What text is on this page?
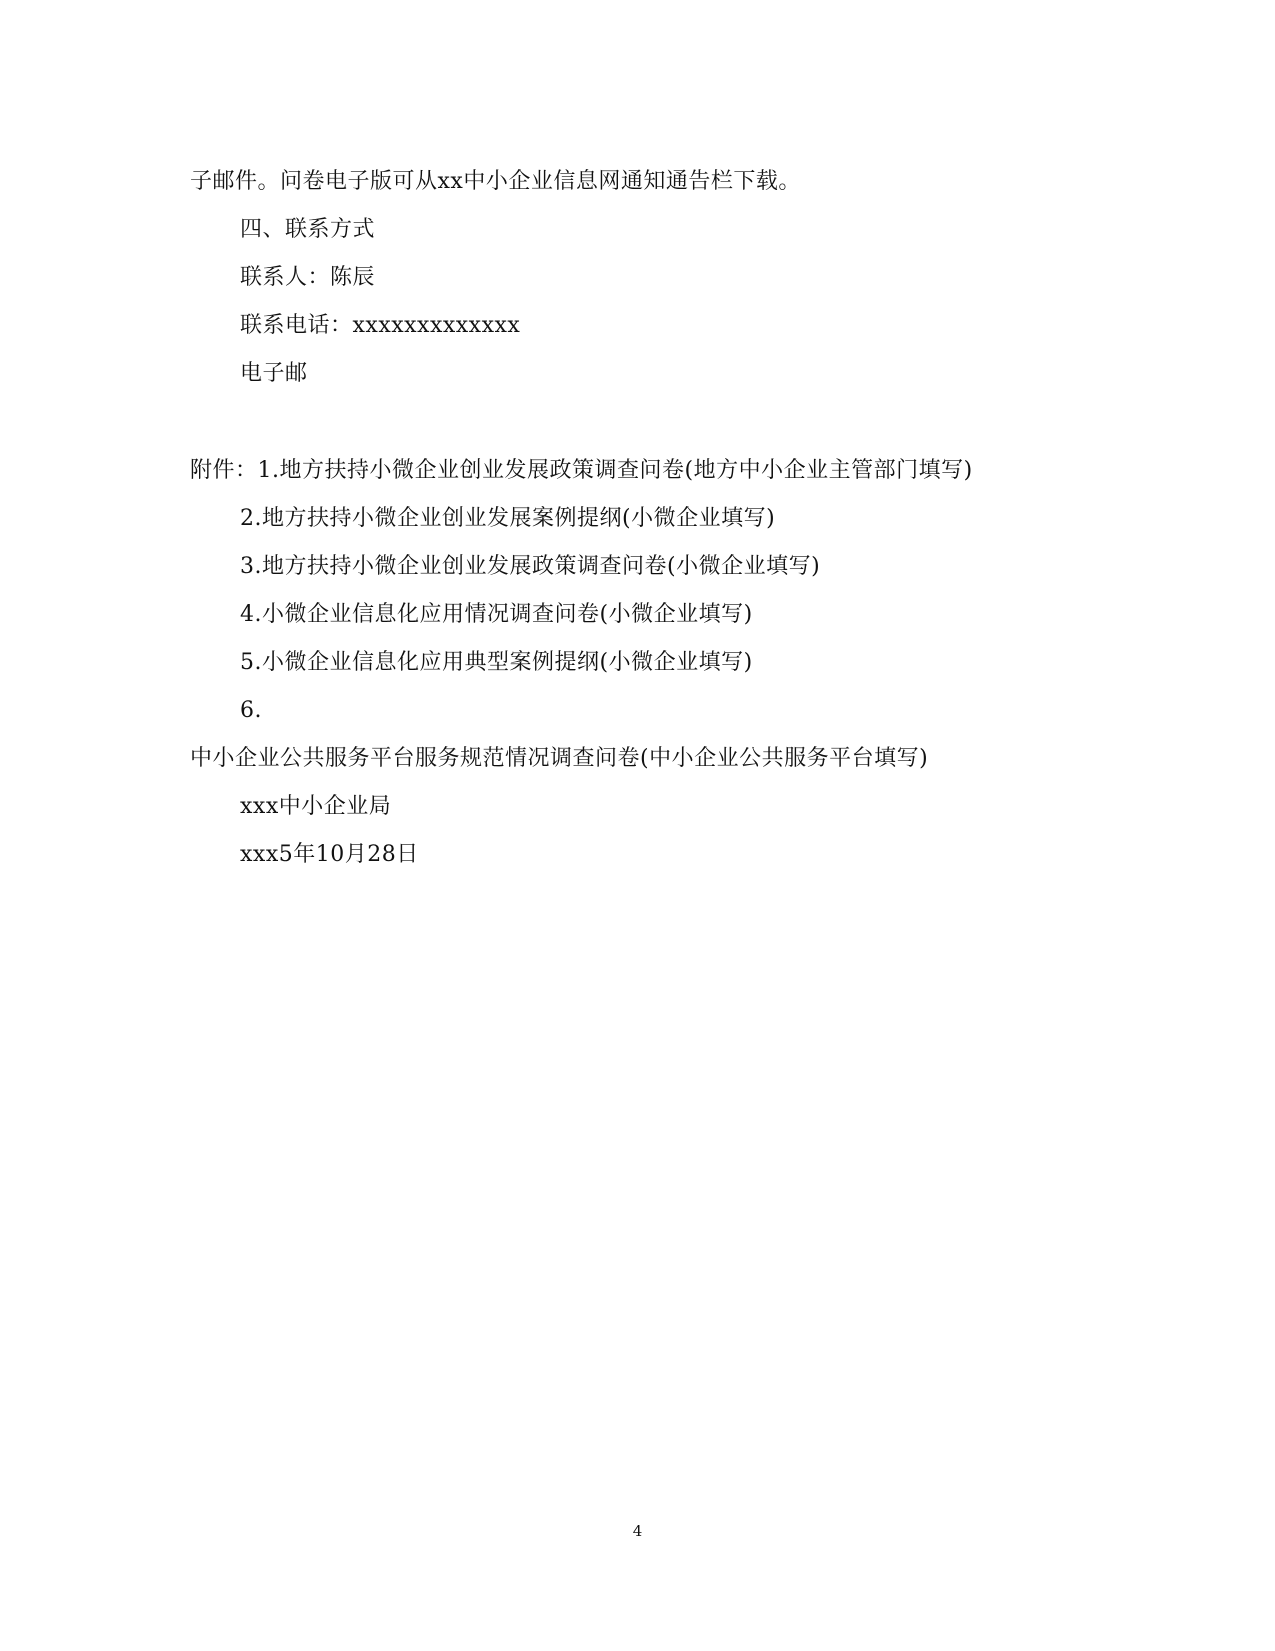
子邮件。问卷电子版可从xx中小企业信息网通知通告栏下载。
四、联系方式
联系人：陈辰
联系电话：xxxxxxxxxxxxx
电子邮
附件：1.地方扶持小微企业创业发展政策调查问卷(地方中小企业主管部门填写)
2.地方扶持小微企业创业发展案例提纲(小微企业填写)
3.地方扶持小微企业创业发展政策调查问卷(小微企业填写)
4.小微企业信息化应用情况调查问卷(小微企业填写)
5.小微企业信息化应用典型案例提纲(小微企业填写)
6.
中小企业公共服务平台服务规范情况调查问卷(中小企业公共服务平台填写)
xxx中小企业局
xxx5年10月28日
4
